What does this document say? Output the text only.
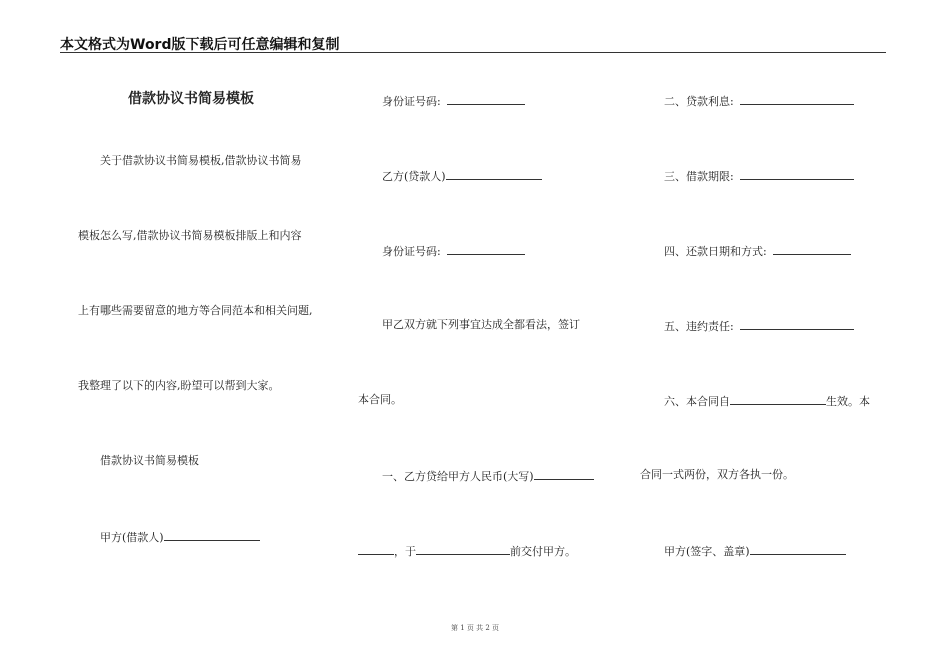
本文格式为Word版下载后可任意编辑和复制
借款协议书简易模板
关于借款协议书简易模板,借款协议书简易
模板怎么写,借款协议书简易模板排版上和内容
上有哪些需要留意的地方等合同范本和相关问题,
我整理了以下的内容,盼望可以帮到大家。
借款协议书简易模板
甲方(借款人)
身份证号码:
乙方(贷款人)
身份证号码:
甲乙双方就下列事宜达成全都看法，签订
本合同。
一、乙方贷给甲方人民币(大写)
，于	前交付甲方。
二、贷款利息:
三、借款期限:
四、还款日期和方式:
五、违约责任:
六、本合同自	生效。本
合同一式两份，双方各执一份。
甲方(签字、盖章)
第 1 页 共 2 页
